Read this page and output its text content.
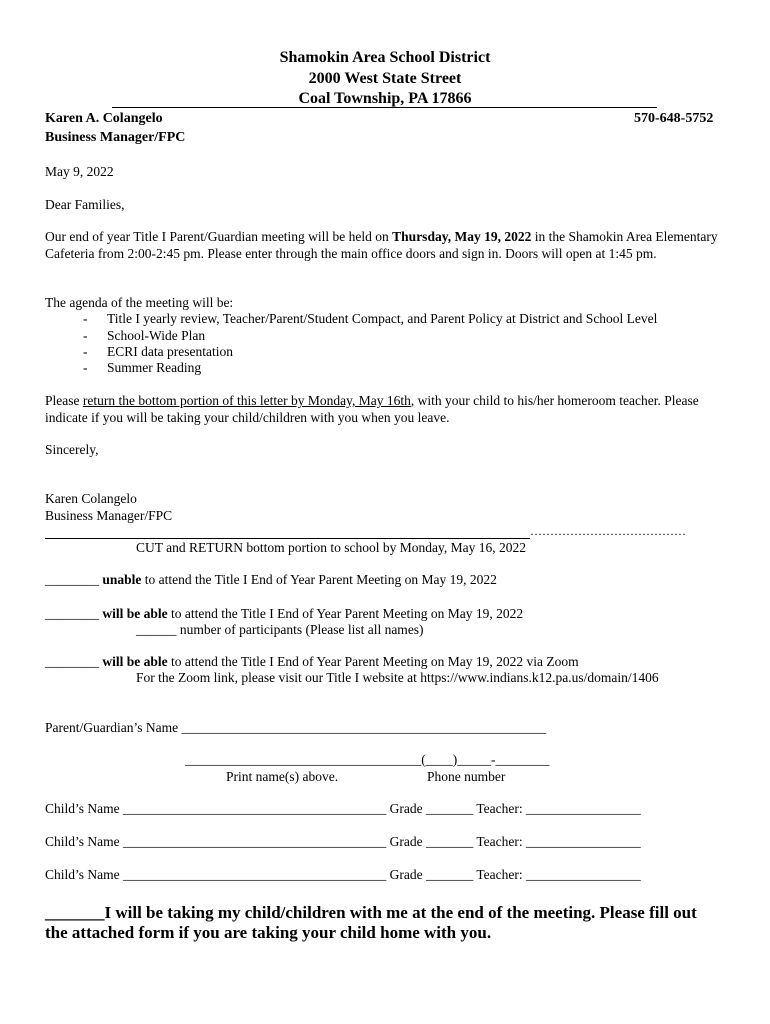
Shamokin Area School District
2000 West State Street
Coal Township, PA 17866
Karen A. Colangelo
Business Manager/FPC
570-648-5752
May 9, 2022
Dear Families,
Our end of year Title I Parent/Guardian meeting will be held on Thursday, May 19, 2022 in the Shamokin Area Elementary Cafeteria from 2:00-2:45 pm. Please enter through the main office doors and sign in. Doors will open at 1:45 pm.
The agenda of the meeting will be:
- Title I yearly review, Teacher/Parent/Student Compact, and Parent Policy at District and School Level
- School-Wide Plan
- ECRI data presentation
- Summer Reading
Please return the bottom portion of this letter by Monday, May 16th, with your child to his/her homeroom teacher. Please indicate if you will be taking your child/children with you when you leave.
Sincerely,
Karen Colangelo
Business Manager/FPC
…………………………………
CUT and RETURN bottom portion to school by Monday, May 16, 2022
________ unable to attend the Title I End of Year Parent Meeting on May 19, 2022
________ will be able to attend the Title I End of Year Parent Meeting on May 19, 2022
______ number of participants (Please list all names)
________ will be able to attend the Title I End of Year Parent Meeting on May 19, 2022 via Zoom
For the Zoom link, please visit our Title I website at https://www.indians.k12.pa.us/domain/1406
Parent/Guardian’s Name ______________________________________________________
___________________________________(____)_____-________
Print name(s) above.	Phone number
Child’s Name _______________________________________ Grade _______ Teacher: _________________
Child’s Name _______________________________________ Grade _______ Teacher: _________________
Child’s Name _______________________________________ Grade _______ Teacher: _________________
_______I will be taking my child/children with me at the end of the meeting. Please fill out
the attached form if you are taking your child home with you.
